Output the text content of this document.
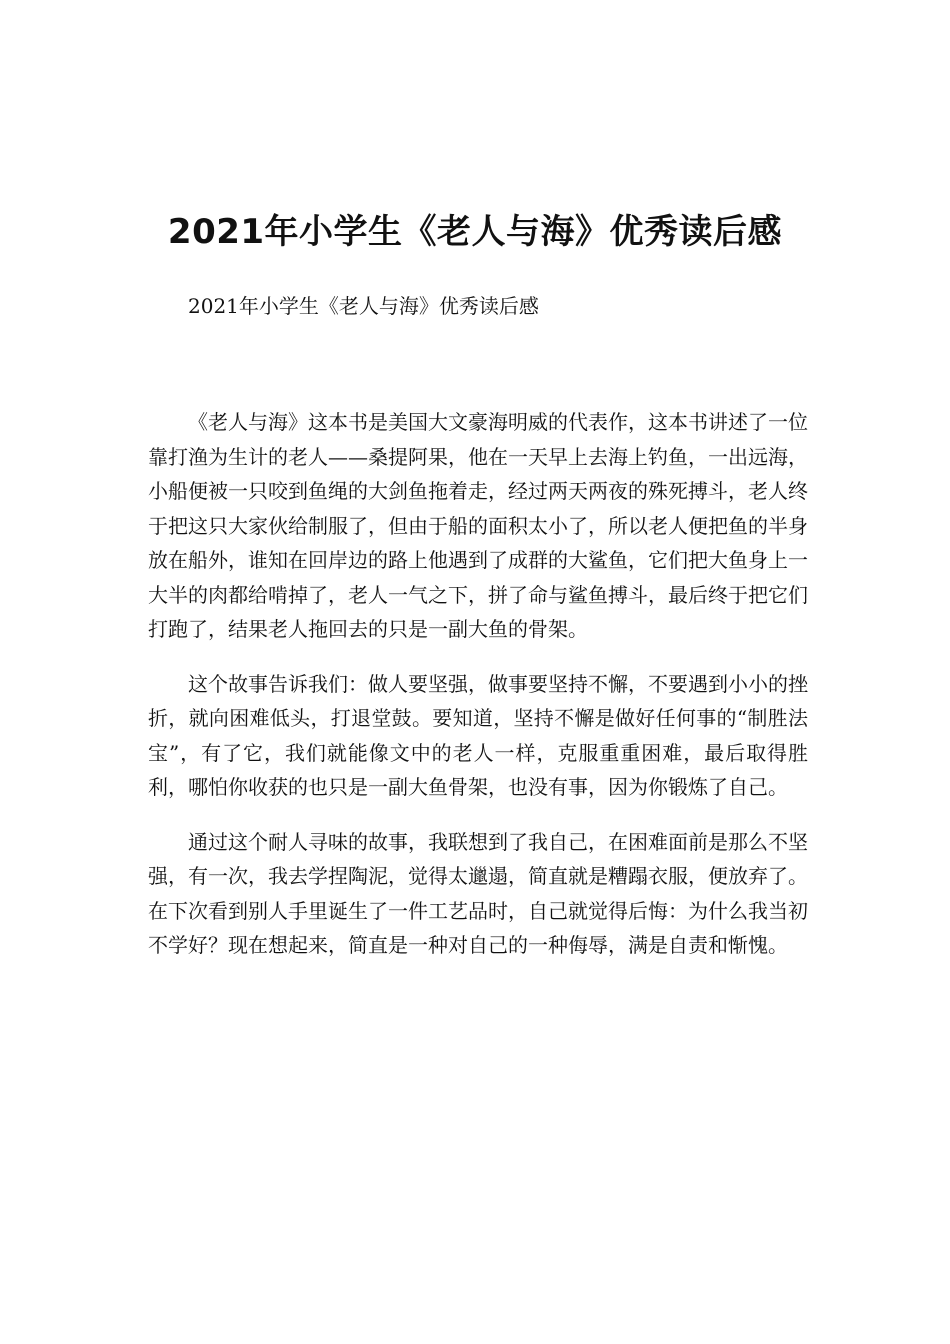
2021年小学生《老人与海》优秀读后感
2021年小学生《老人与海》优秀读后感

《老人与海》这本书是美国大文豪海明威的代表作，这本书讲述了一位靠打渔为生计的老人——桑提阿果，他在一天早上去海上钓鱼，一出远海，小船便被一只咬到鱼绳的大剑鱼拖着走，经过两天两夜的殊死搏斗，老人终于把这只大家伙给制服了，但由于船的面积太小了，所以老人便把鱼的半身放在船外，谁知在回岸边的路上他遇到了成群的大鲨鱼，它们把大鱼身上一大半的肉都给啃掉了，老人一气之下，拼了命与鲨鱼搏斗，最后终于把它们打跑了，结果老人拖回去的只是一副大鱼的骨架。

这个故事告诉我们：做人要坚强，做事要坚持不懈，不要遇到小小的挫折，就向困难低头，打退堂鼓。要知道，坚持不懈是做好任何事的“制胜法宝”，有了它，我们就能像文中的老人一样，克服重重困难，最后取得胜利，哪怕你收获的也只是一副大鱼骨架，也没有事，因为你锻炼了自己。

通过这个耐人寻味的故事，我联想到了我自己，在困难面前是那么不坚强，有一次，我去学捏陶泥，觉得太邋遢，简直就是糟蹋衣服，便放弃了。在下次看到别人手里诞生了一件工艺品时，自己就觉得后悔：为什么我当初不学好？现在想起来，简直是一种对自己的一种侮辱，满是自责和惭愧。
